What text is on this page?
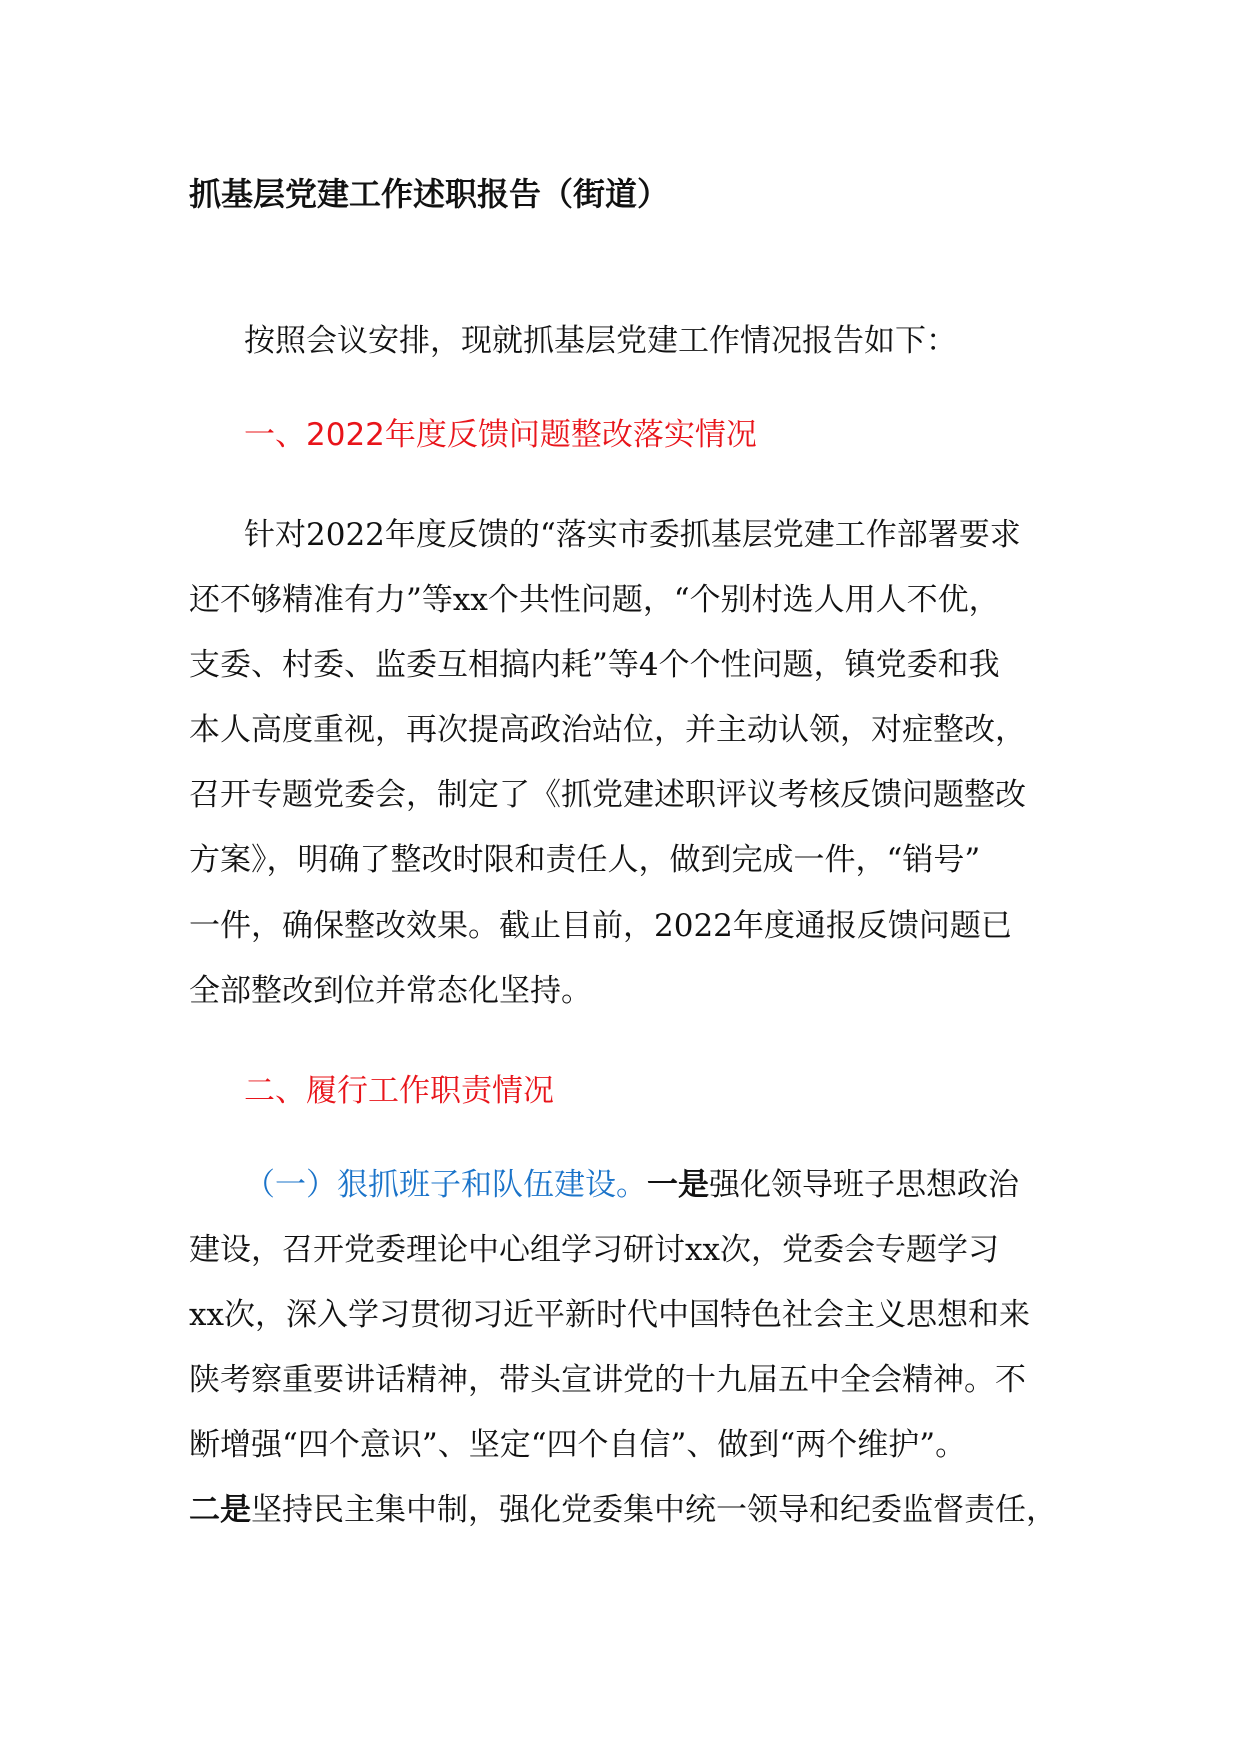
抓基层党建工作述职报告（街道）
按照会议安排，现就抓基层党建工作情况报告如下：
一、2022年度反馈问题整改落实情况
针对2022年度反馈的“落实市委抓基层党建工作部署要求
还不够精准有力”等xx个共性问题，“个别村选人用人不优，
支委、村委、监委互相搞内耗”等4个个性问题，镇党委和我
本人高度重视，再次提高政治站位，并主动认领，对症整改，
召开专题党委会，制定了《抓党建述职评议考核反馈问题整改
方案》，明确了整改时限和责任人，做到完成一件，“销号”
一件，确保整改效果。截止目前，2022年度通报反馈问题已
全部整改到位并常态化坚持。
二、履行工作职责情况
（一）狠抓班子和队伍建设。一是强化领导班子思想政治
建设，召开党委理论中心组学习研讨xx次，党委会专题学习
xx次，深入学习贯彻习近平新时代中国特色社会主义思想和来
陕考察重要讲话精神，带头宣讲党的十九届五中全会精神。不
断增强“四个意识”、坚定“四个自信”、做到“两个维护”。
二是坚持民主集中制，强化党委集中统一领导和纪委监督责任，
